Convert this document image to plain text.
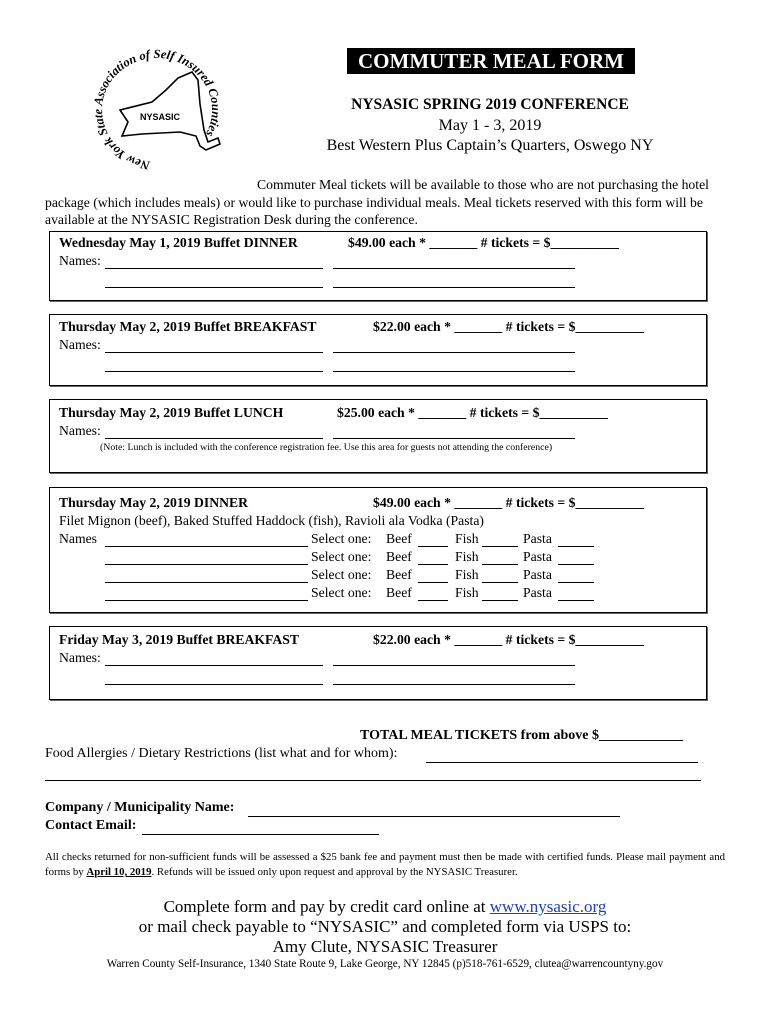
NYSASIC
New York State Association of Self Insured Counties
COMMUTER MEAL FORM
NYSASIC SPRING 2019 CONFERENCE
May 1 - 3, 2019
Best Western Plus Captain’s Quarters, Oswego NY
Commuter Meal tickets will be available to those who are not purchasing the hotel package (which includes meals) or would like to purchase individual meals. Meal tickets reserved with this form will be available at the NYSASIC Registration Desk during the conference.
Wednesday May 1, 2019 Buffet DINNER	$49.00 each * _______ # tickets = $__________
Names:
Thursday May 2, 2019 Buffet BREAKFAST	$22.00 each * _______ # tickets = $__________
Names:
Thursday May 2, 2019 Buffet LUNCH	$25.00 each * _______ # tickets = $__________
Names:
(Note: Lunch is included with the conference registration fee. Use this area for guests not attending the conference)
Thursday May 2, 2019 DINNER	$49.00 each * _______ # tickets = $__________
Filet Mignon (beef), Baked Stuffed Haddock (fish), Ravioli ala Vodka (Pasta)
Names	Select one: Beef	Fish	Pasta
Select one: Beef	Fish	Pasta
Select one: Beef	Fish	Pasta
Select one: Beef	Fish	Pasta
Friday May 3, 2019 Buffet BREAKFAST	$22.00 each * _______ # tickets = $__________
Names:
TOTAL MEAL TICKETS from above $____________
Food Allergies / Dietary Restrictions (list what and for whom):
Company / Municipality Name:
Contact Email:
All checks returned for non-sufficient funds will be assessed a $25 bank fee and payment must then be made with certified funds. Please mail payment and forms by April 10, 2019. Refunds will be issued only upon request and approval by the NYSASIC Treasurer.
Complete form and pay by credit card online at www.nysasic.org
or mail check payable to “NYSASIC” and completed form via USPS to:
Amy Clute, NYSASIC Treasurer
Warren County Self-Insurance, 1340 State Route 9, Lake George, NY 12845 (p)518-761-6529, clutea@warrencountyny.gov
